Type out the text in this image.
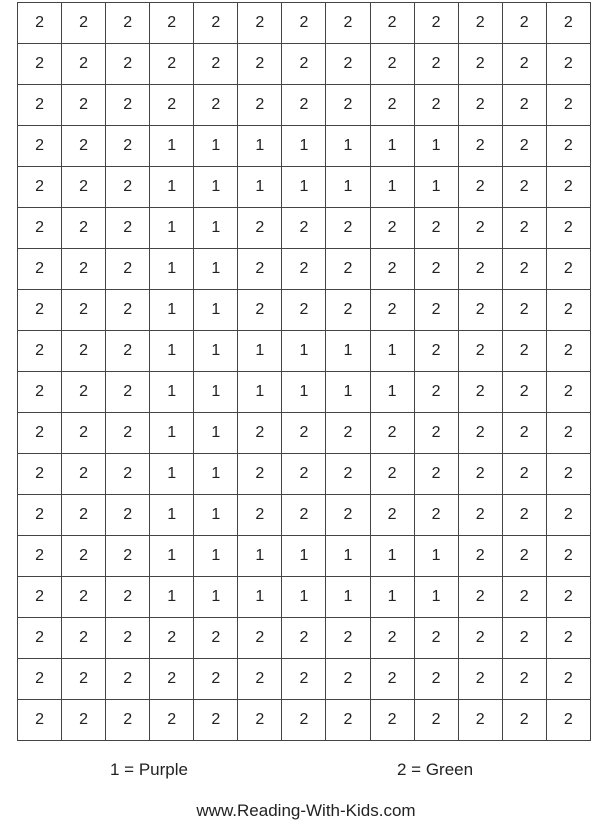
2	2	2	2	2	2	2	2	2	2	2	2	2
2	2	2	2	2	2	2	2	2	2	2	2	2
2	2	2	2	2	2	2	2	2	2	2	2	2
2	2	2	1	1	1	1	1	1	1	2	2	2
2	2	2	1	1	1	1	1	1	1	2	2	2
2	2	2	1	1	2	2	2	2	2	2	2	2
2	2	2	1	1	2	2	2	2	2	2	2	2
2	2	2	1	1	2	2	2	2	2	2	2	2
2	2	2	1	1	1	1	1	1	2	2	2	2
2	2	2	1	1	1	1	1	1	2	2	2	2
2	2	2	1	1	2	2	2	2	2	2	2	2
2	2	2	1	1	2	2	2	2	2	2	2	2
2	2	2	1	1	2	2	2	2	2	2	2	2
2	2	2	1	1	1	1	1	1	1	2	2	2
2	2	2	1	1	1	1	1	1	1	2	2	2
2	2	2	2	2	2	2	2	2	2	2	2	2
2	2	2	2	2	2	2	2	2	2	2	2	2
2	2	2	2	2	2	2	2	2	2	2	2	2
1 = Purple	2 = Green
www.Reading-With-Kids.com
